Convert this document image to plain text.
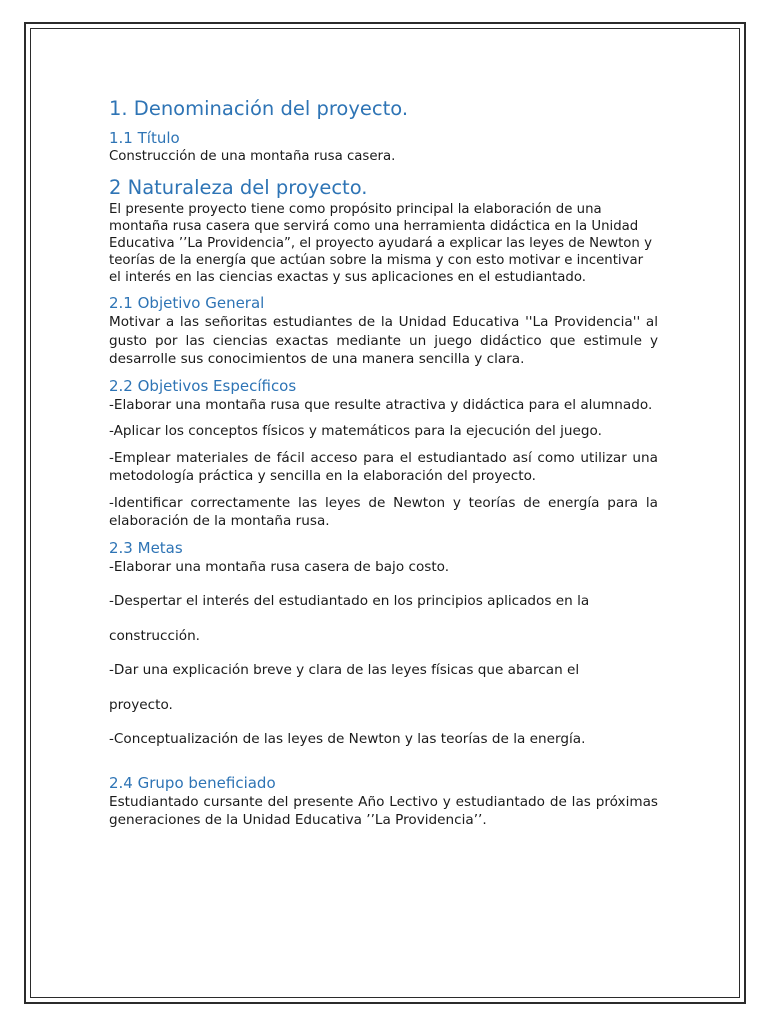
1. Denominación del proyecto.
1.1 Título

Construcción de una montaña rusa casera.

2 Naturaleza del proyecto.

El presente proyecto tiene como propósito principal la elaboración de una montaña rusa casera que servirá como una herramienta didáctica en la Unidad Educativa ’’La Providencia”, el proyecto ayudará a explicar las leyes de Newton y teorías de la energía que actúan sobre la misma y con esto motivar e incentivar el interés en las ciencias exactas y sus aplicaciones en el estudiantado.

2.1 Objetivo General

Motivar a las señoritas estudiantes de la Unidad Educativa ''La Providencia'' al gusto por las ciencias exactas mediante un juego didáctico que estimule y desarrolle sus conocimientos de una manera sencilla y clara.

2.2 Objetivos Específicos

-Elaborar una montaña rusa que resulte atractiva y didáctica para el alumnado.

-Aplicar los conceptos físicos y matemáticos para la ejecución del juego.

-Emplear materiales de fácil acceso para el estudiantado así como utilizar una metodología práctica y sencilla en la elaboración del proyecto.

-Identificar correctamente las leyes de Newton y teorías de energía para la elaboración de la montaña rusa.

2.3 Metas

-Elaborar una montaña rusa casera de bajo costo.

-Despertar el interés del estudiantado en los principios aplicados en la

construcción.

-Dar una explicación breve y clara de las leyes físicas que abarcan el

proyecto.

-Conceptualización de las leyes de Newton y las teorías de la energía.

2.4 Grupo beneficiado

Estudiantado cursante del presente Año Lectivo y estudiantado de las próximas generaciones de la Unidad Educativa ’’La Providencia’’.
